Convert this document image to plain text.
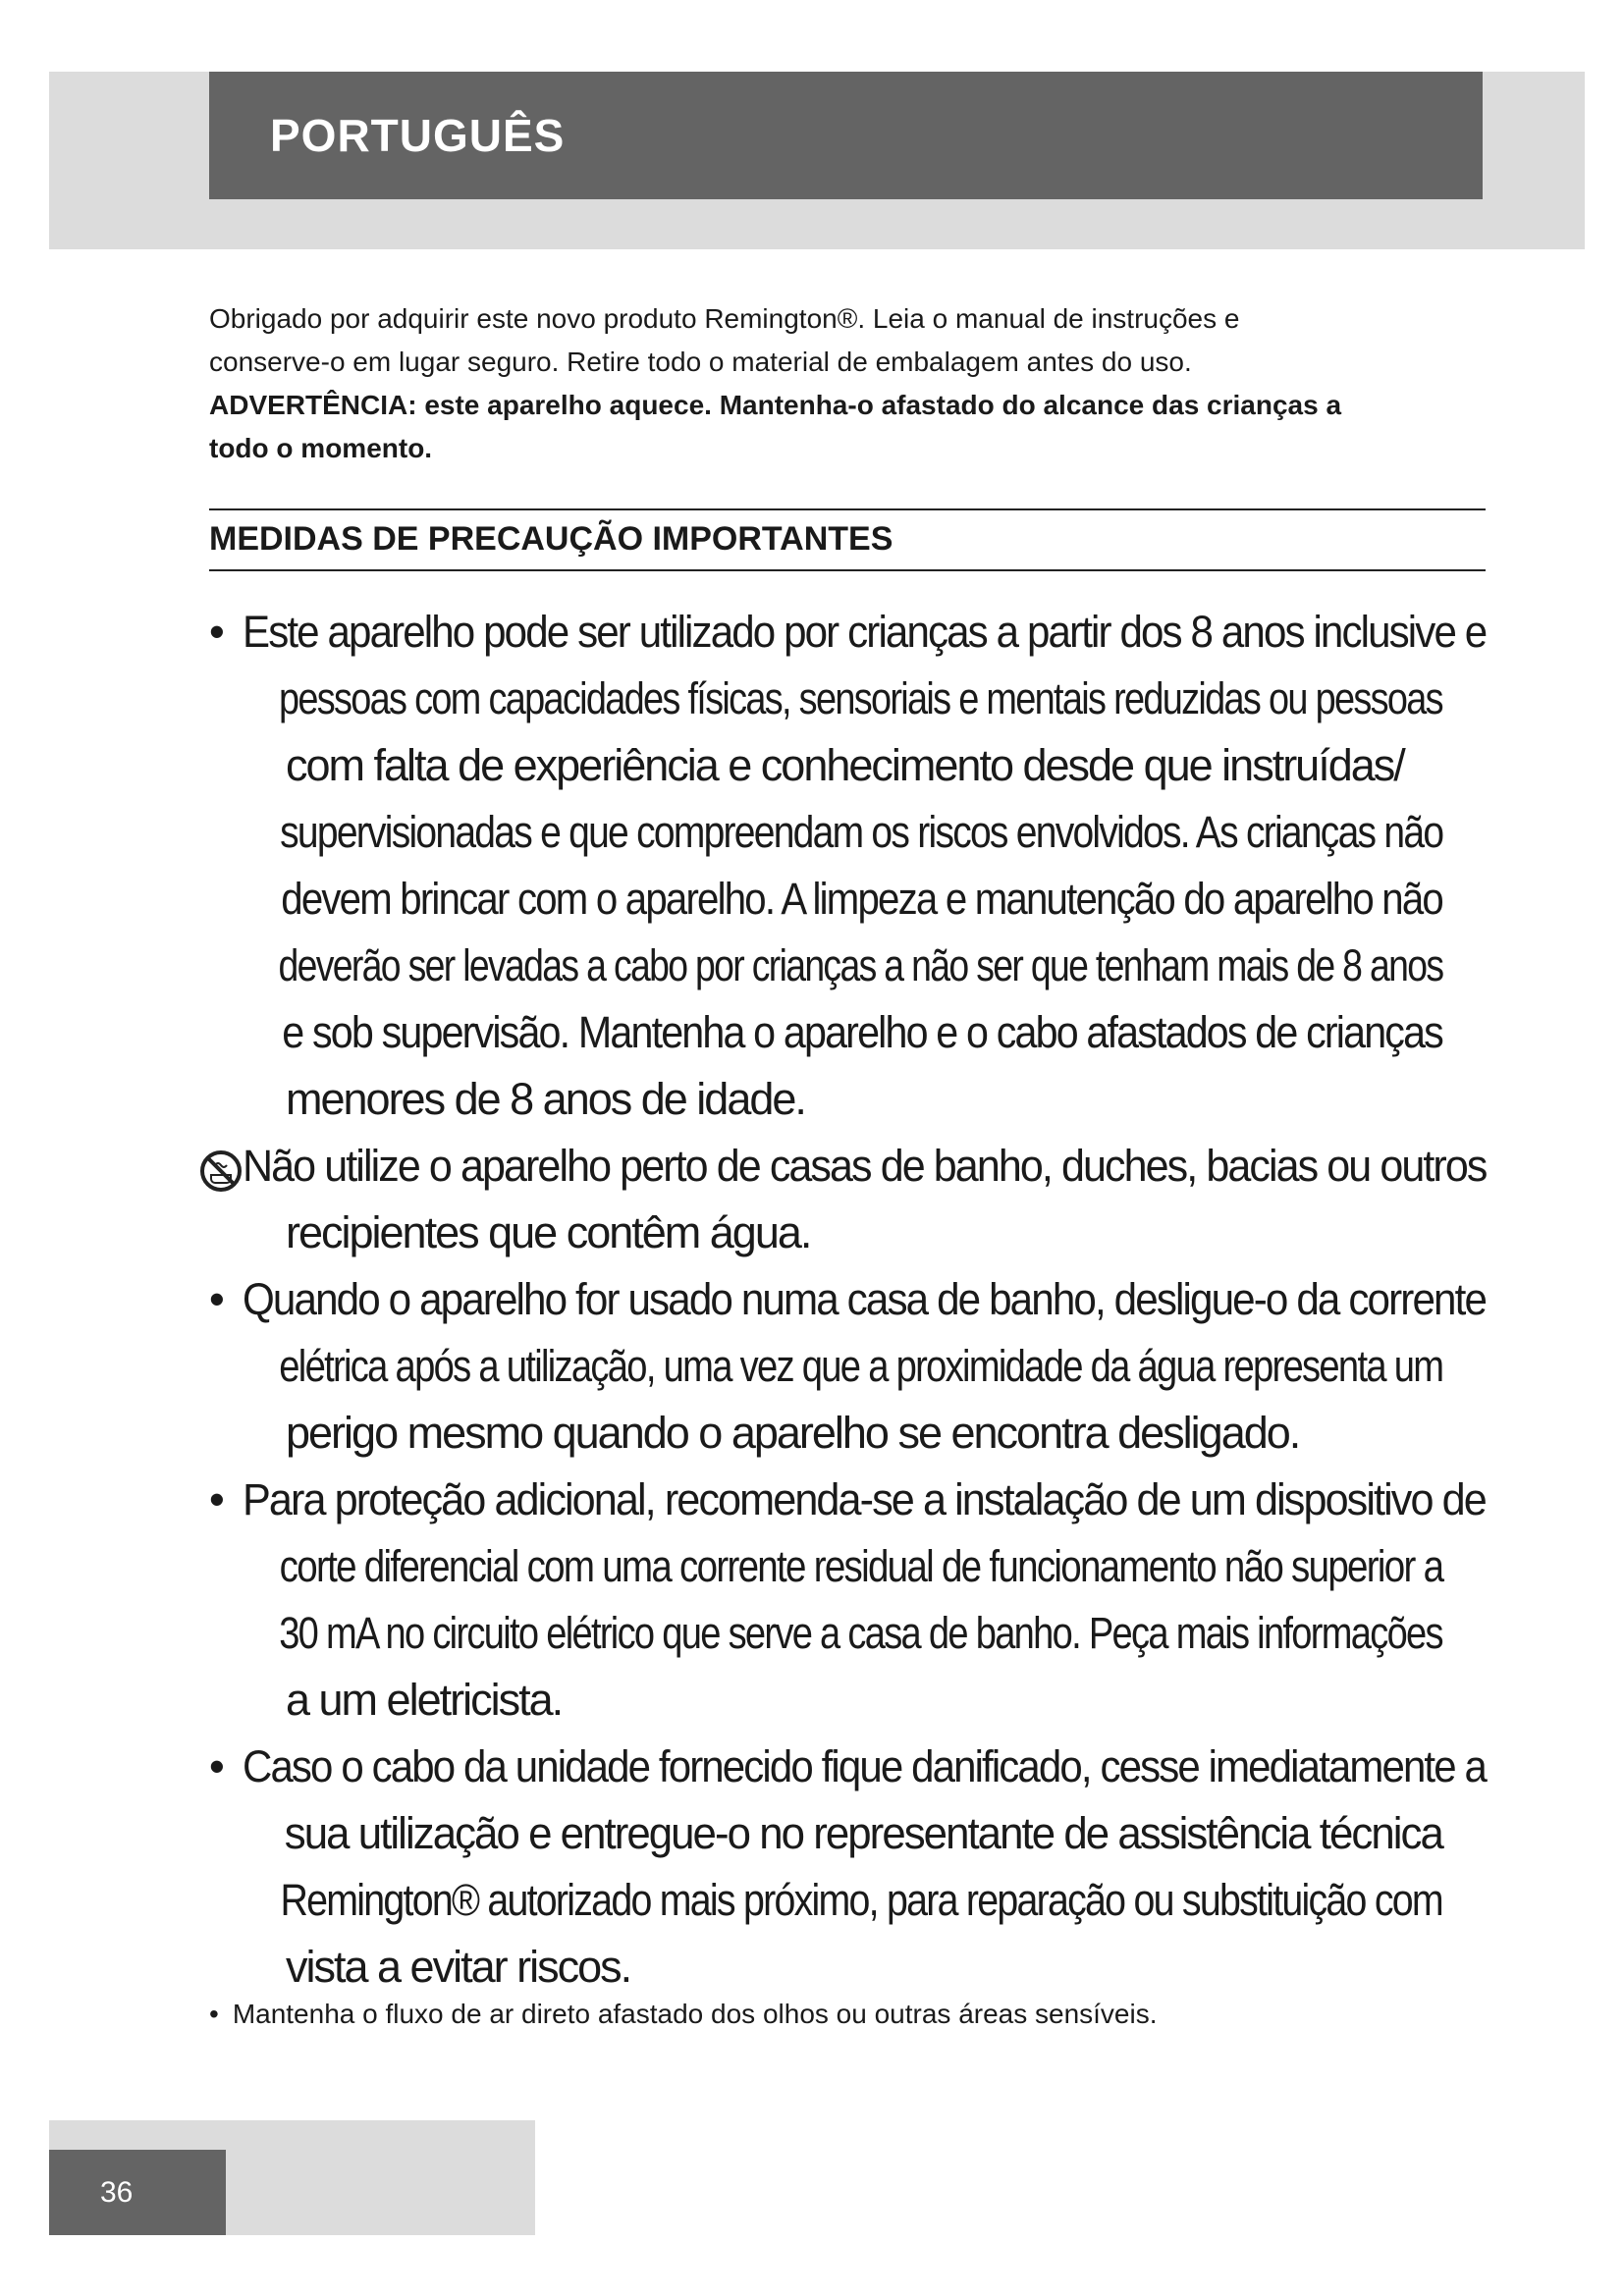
PORTUGUÊS

Obrigado por adquirir este novo produto Remington®. Leia o manual de instruções e

conserve-o em lugar seguro. Retire todo o material de embalagem antes do uso.

ADVERTÊNCIA: este aparelho aquece. Mantenha-o afastado do alcance das crianças a

todo o momento.

MEDIDAS DE PRECAUÇÃO IMPORTANTES
• Este aparelho pode ser utilizado por crianças a partir dos 8 anos inclusive e
pessoas com capacidades físicas, sensoriais e mentais reduzidas ou pessoas
com falta de experiência e conhecimento desde que instruídas/
supervisionadas e que compreendam os riscos envolvidos. As crianças não
devem brincar com o aparelho. A limpeza e manutenção do aparelho não
deverão ser levadas a cabo por crianças a não ser que tenham mais de 8 anos
e sob supervisão. Mantenha o aparelho e o cabo afastados de crianças
menores de 8 anos de idade.
Não utilize o aparelho perto de casas de banho, duches, bacias ou outros
recipientes que contêm água.
• Quando o aparelho for usado numa casa de banho, desligue-o da corrente
elétrica após a utilização, uma vez que a proximidade da água representa um
perigo mesmo quando o aparelho se encontra desligado.
• Para proteção adicional, recomenda-se a instalação de um dispositivo de
corte diferencial com uma corrente residual de funcionamento não superior a
30 mA no circuito elétrico que serve a casa de banho. Peça mais informações
a um eletricista.
• Caso o cabo da unidade fornecido fique danificado, cesse imediatamente a
sua utilização e entregue-o no representante de assistência técnica
Remington® autorizado mais próximo, para reparação ou substituição com
vista a evitar riscos.
• Mantenha o fluxo de ar direto afastado dos olhos ou outras áreas sensíveis.
36
